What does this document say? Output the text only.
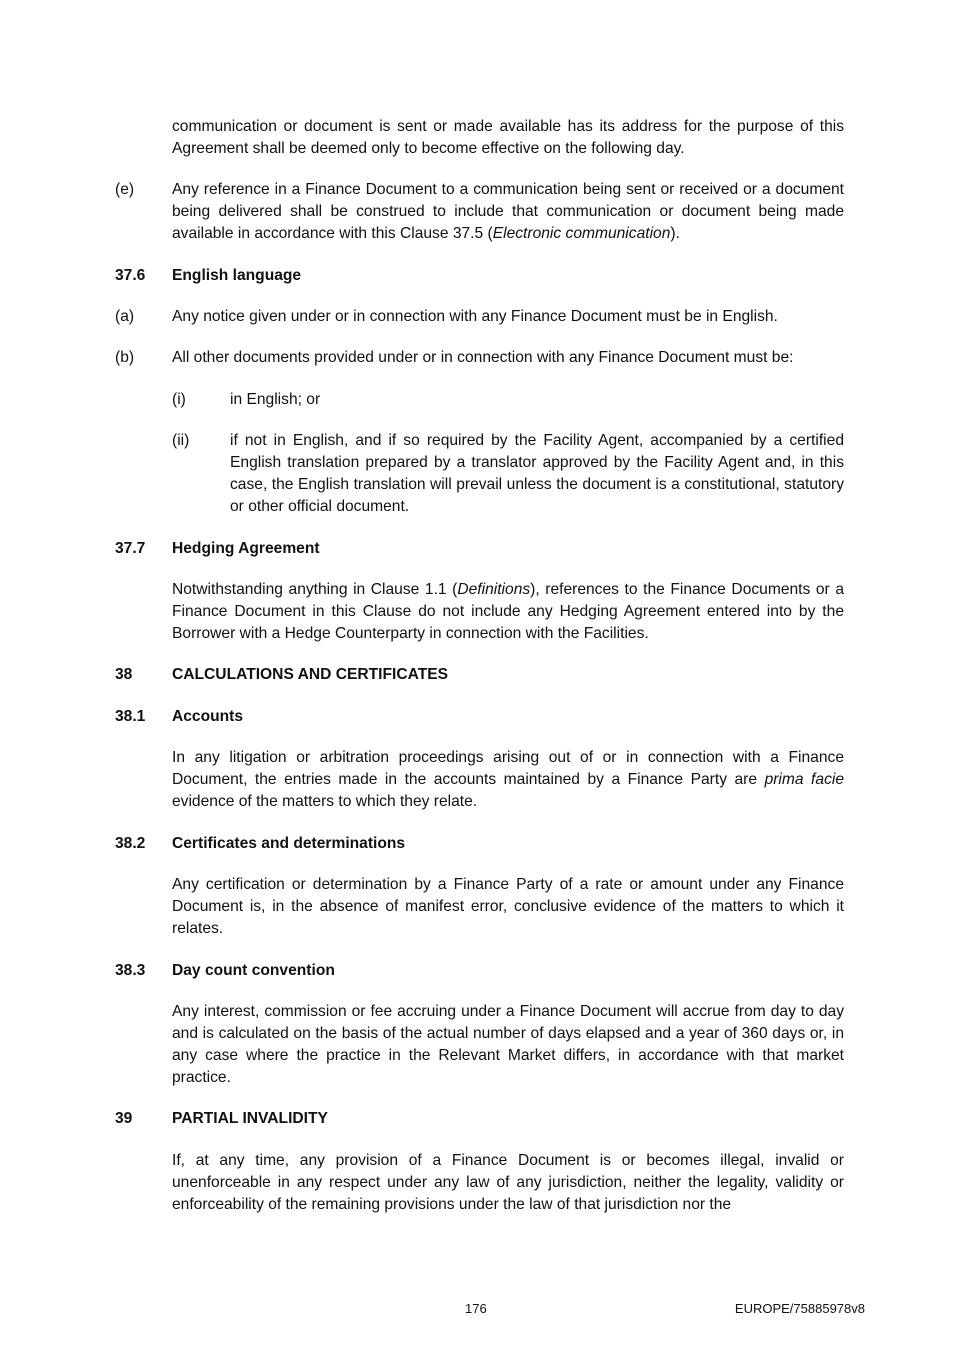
communication or document is sent or made available has its address for the purpose of this Agreement shall be deemed only to become effective on the following day.
(e) Any reference in a Finance Document to a communication being sent or received or a document being delivered shall be construed to include that communication or document being made available in accordance with this Clause 37.5 (Electronic communication).
37.6 English language
(a) Any notice given under or in connection with any Finance Document must be in English.
(b) All other documents provided under or in connection with any Finance Document must be:
(i)	in English; or
(ii)	if not in English, and if so required by the Facility Agent, accompanied by a certified English translation prepared by a translator approved by the Facility Agent and, in this case, the English translation will prevail unless the document is a constitutional, statutory or other official document.
37.7 Hedging Agreement
Notwithstanding anything in Clause 1.1 (Definitions), references to the Finance Documents or a Finance Document in this Clause do not include any Hedging Agreement entered into by the Borrower with a Hedge Counterparty in connection with the Facilities.
38	CALCULATIONS AND CERTIFICATES
38.1 Accounts
In any litigation or arbitration proceedings arising out of or in connection with a Finance Document, the entries made in the accounts maintained by a Finance Party are prima facie evidence of the matters to which they relate.
38.2 Certificates and determinations
Any certification or determination by a Finance Party of a rate or amount under any Finance Document is, in the absence of manifest error, conclusive evidence of the matters to which it relates.
38.3 Day count convention
Any interest, commission or fee accruing under a Finance Document will accrue from day to day and is calculated on the basis of the actual number of days elapsed and a year of 360 days or, in any case where the practice in the Relevant Market differs, in accordance with that market practice.
39	PARTIAL INVALIDITY
If, at any time, any provision of a Finance Document is or becomes illegal, invalid or unenforceable in any respect under any law of any jurisdiction, neither the legality, validity or enforceability of the remaining provisions under the law of that jurisdiction nor the
176	EUROPE/75885978v8
